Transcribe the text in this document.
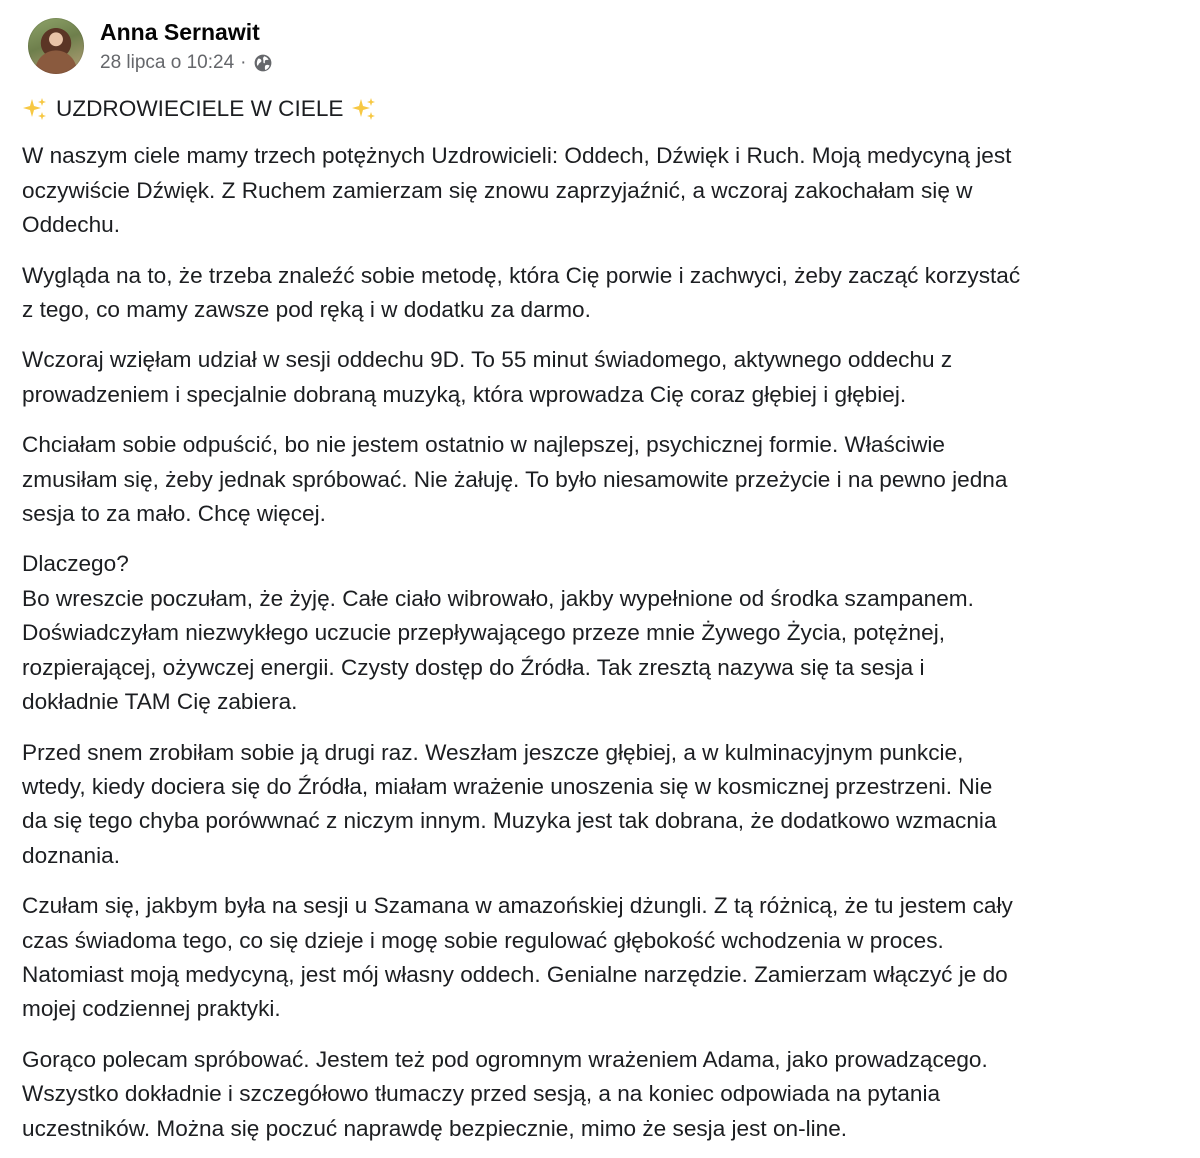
Anna Sernawit
28 lipca o 10:24 ·
UZDROWIECIELE W CIELE

W naszym ciele mamy trzech potężnych Uzdrowicieli: Oddech, Dźwięk i Ruch. Moją medycyną jest
oczywiście Dźwięk. Z Ruchem zamierzam się znowu zaprzyjaźnić, a wczoraj zakochałam się w
Oddechu.

Wygląda na to, że trzeba znaleźć sobie metodę, która Cię porwie i zachwyci, żeby zacząć korzystać
z tego, co mamy zawsze pod ręką i w dodatku za darmo.

Wczoraj wzięłam udział w sesji oddechu 9D. To 55 minut świadomego, aktywnego oddechu z
prowadzeniem i specjalnie dobraną muzyką, która wprowadza Cię coraz głębiej i głębiej.

Chciałam sobie odpuścić, bo nie jestem ostatnio w najlepszej, psychicznej formie. Właściwie
zmusiłam się, żeby jednak spróbować. Nie żałuję. To było niesamowite przeżycie i na pewno jedna
sesja to za mało. Chcę więcej.

Dlaczego?
Bo wreszcie poczułam, że żyję. Całe ciało wibrowało, jakby wypełnione od środka szampanem.
Doświadczyłam niezwykłego uczucie przepływającego przeze mnie Żywego Życia, potężnej,
rozpierającej, ożywczej energii. Czysty dostęp do Źródła. Tak zresztą nazywa się ta sesja i
dokładnie TAM Cię zabiera.

Przed snem zrobiłam sobie ją drugi raz. Weszłam jeszcze głębiej, a w kulminacyjnym punkcie,
wtedy, kiedy dociera się do Źródła, miałam wrażenie unoszenia się w kosmicznej przestrzeni. Nie
da się tego chyba porówwnać z niczym innym. Muzyka jest tak dobrana, że dodatkowo wzmacnia
doznania.

Czułam się, jakbym była na sesji u Szamana w amazońskiej dżungli. Z tą różnicą, że tu jestem cały
czas świadoma tego, co się dzieje i mogę sobie regulować głębokość wchodzenia w proces.
Natomiast moją medycyną, jest mój własny oddech. Genialne narzędzie. Zamierzam włączyć je do
mojej codziennej praktyki.

Gorąco polecam spróbować. Jestem też pod ogromnym wrażeniem Adama, jako prowadzącego.
Wszystko dokładnie i szczegółowo tłumaczy przed sesją, a na koniec odpowiada na pytania
uczestników. Można się poczuć naprawdę bezpiecznie, mimo że sesja jest on-line.
